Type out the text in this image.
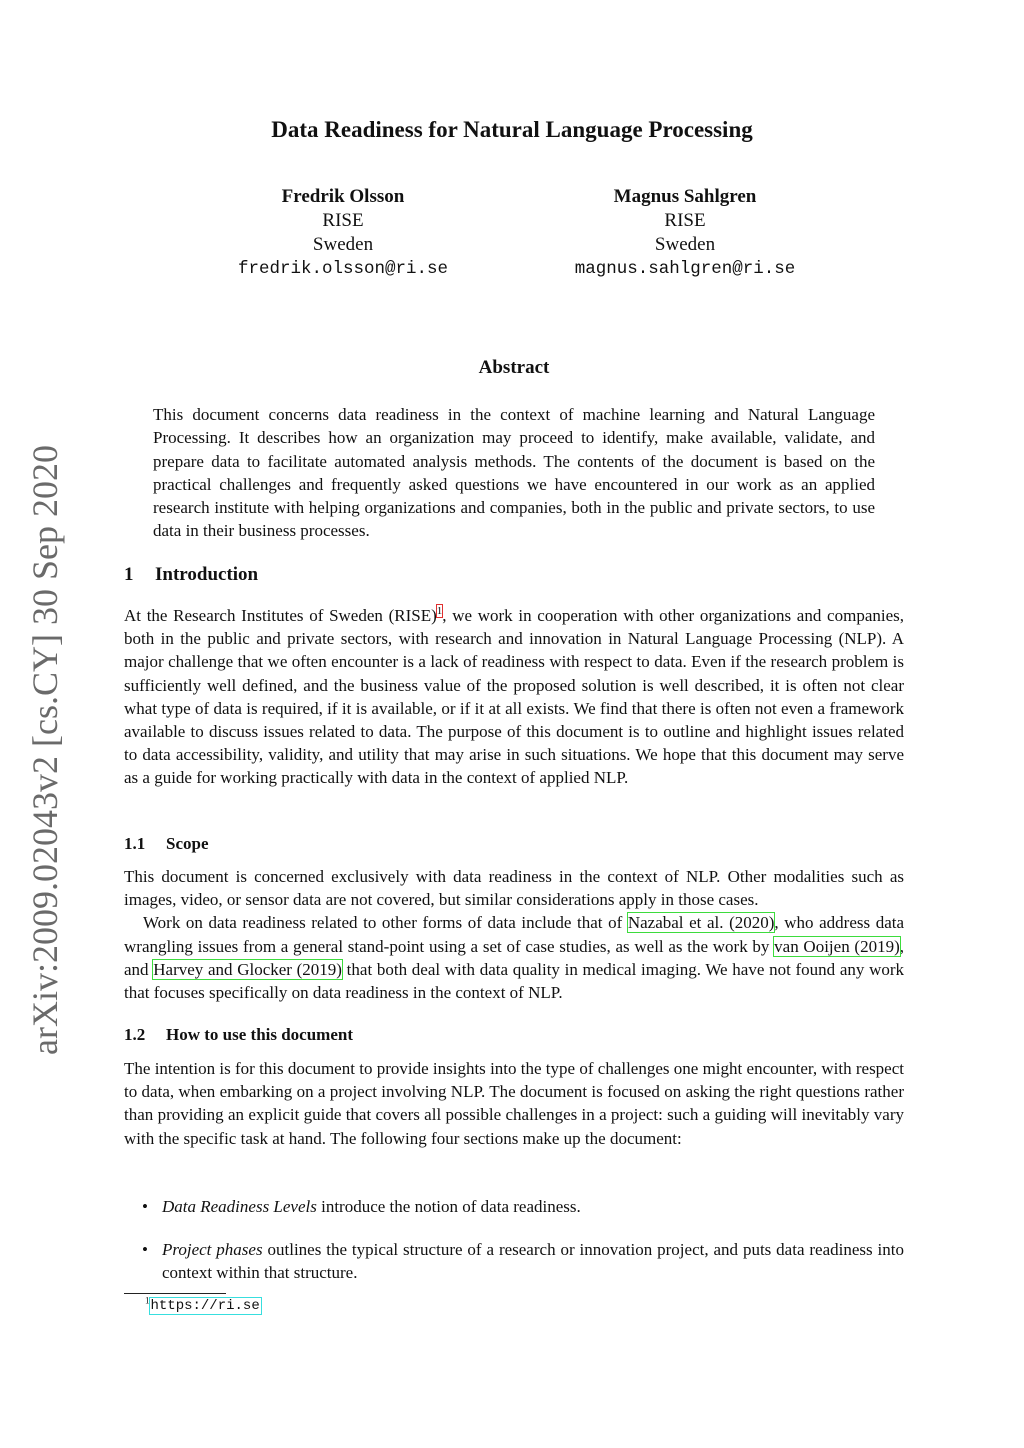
arXiv:2009.02043v2 [cs.CY] 30 Sep 2020
Data Readiness for Natural Language Processing
Fredrik Olsson
RISE
Sweden
fredrik.olsson@ri.se
Magnus Sahlgren
RISE
Sweden
magnus.sahlgren@ri.se
Abstract
This document concerns data readiness in the context of machine learning and Natural Language Processing. It describes how an organization may proceed to identify, make available, validate, and prepare data to facilitate automated analysis methods. The contents of the document is based on the practical challenges and frequently asked questions we have encountered in our work as an applied research institute with helping organizations and companies, both in the public and private sectors, to use data in their business processes.
1 Introduction

At the Research Institutes of Sweden (RISE)$^1$, we work in cooperation with other organizations and companies, both in the public and private sectors, with research and innovation in Natural Language Processing (NLP). A major challenge that we often encounter is a lack of readiness with respect to data. Even if the research problem is sufficiently well defined, and the business value of the proposed solution is well described, it is often not clear what type of data is required, if it is available, or if it at all exists. We find that there is often not even a framework available to discuss issues related to data. The purpose of this document is to outline and highlight issues related to data accessibility, validity, and utility that may arise in such situations. We hope that this document may serve as a guide for working practically with data in the context of applied NLP.

1.1 Scope

This document is concerned exclusively with data readiness in the context of NLP. Other modalities such as images, video, or sensor data are not covered, but similar considerations apply in those cases.

Work on data readiness related to other forms of data include that of Nazabal et al. (2020), who address data wrangling issues from a general stand-point using a set of case studies, as well as the work by van Ooijen (2019), and Harvey and Glocker (2019) that both deal with data quality in medical imaging. We have not found any work that focuses specifically on data readiness in the context of NLP.

1.2 How to use this document
The intention is for this document to provide insights into the type of challenges one might encounter, with respect to data, when embarking on a project involving NLP. The document is focused on asking the right questions rather than providing an explicit guide that covers all possible challenges in a project: such a guiding will inevitably vary with the specific task at hand. The following four sections make up the document:
• Data Readiness Levels introduce the notion of data readiness.
• Project phases outlines the typical structure of a research or innovation project, and puts data readiness into context within that structure.
$^1$https://ri.se
